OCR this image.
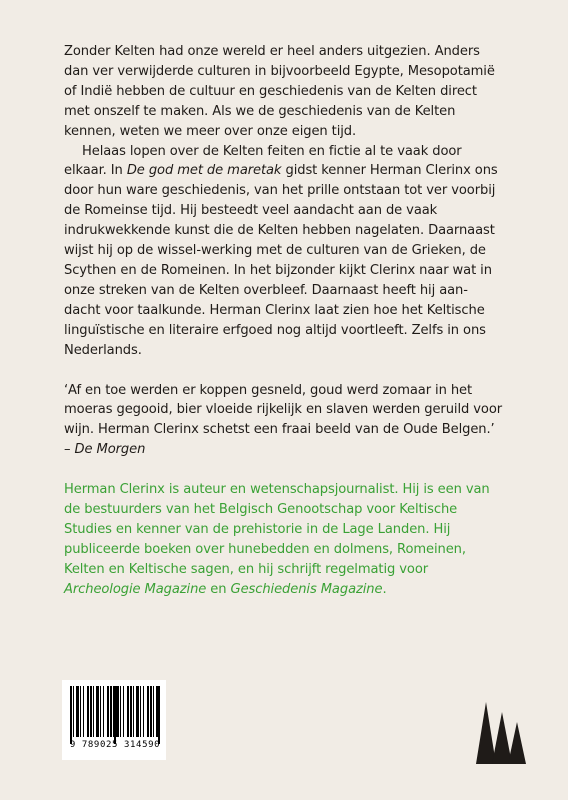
Zonder Kelten had onze wereld er heel anders uitgezien. Anders dan ver verwijderde culturen in bijvoorbeeld Egypte, Mesopotamië of Indië hebben de cultuur en geschiedenis van de Kelten direct met onszelf te maken. Als we de geschiedenis van de Kelten kennen, weten we meer over onze eigen tijd.

Helaas lopen over de Kelten feiten en fictie al te vaak door elkaar. In De god met de maretak gidst kenner Herman Clerinx ons door hun ware geschiedenis, van het prille ontstaan tot ver voorbij de Romeinse tijd. Hij besteedt veel aandacht aan de vaak indrukwekkende kunst die de Kelten hebben nagelaten. Daarnaast wijst hij op de wissel-werking met de culturen van de Grieken, de Scythen en de Romeinen. In het bijzonder kijkt Clerinx naar wat in onze streken van de Kelten overbleef. Daarnaast heeft hij aan-dacht voor taalkunde. Herman Clerinx laat zien hoe het Keltische linguïstische en literaire erfgoed nog altijd voortleeft. Zelfs in ons Nederlands.

‘Af en toe werden er koppen gesneld, goud werd zomaar in het moeras gegooid, bier vloeide rijkelijk en slaven werden geruild voor wijn. Herman Clerinx schetst een fraai beeld van de Oude Belgen.’ – De Morgen

Herman Clerinx is auteur en wetenschapsjournalist. Hij is een van de bestuurders van het Belgisch Genootschap voor Keltische Studies en kenner van de prehistorie in de Lage Landen. Hij publiceerde boeken over hunebedden en dolmens, Romeinen, Kelten en Keltische sagen, en hij schrijft regelmatig voor Archeologie Magazine en Geschiedenis Magazine.

9 789025 314590
